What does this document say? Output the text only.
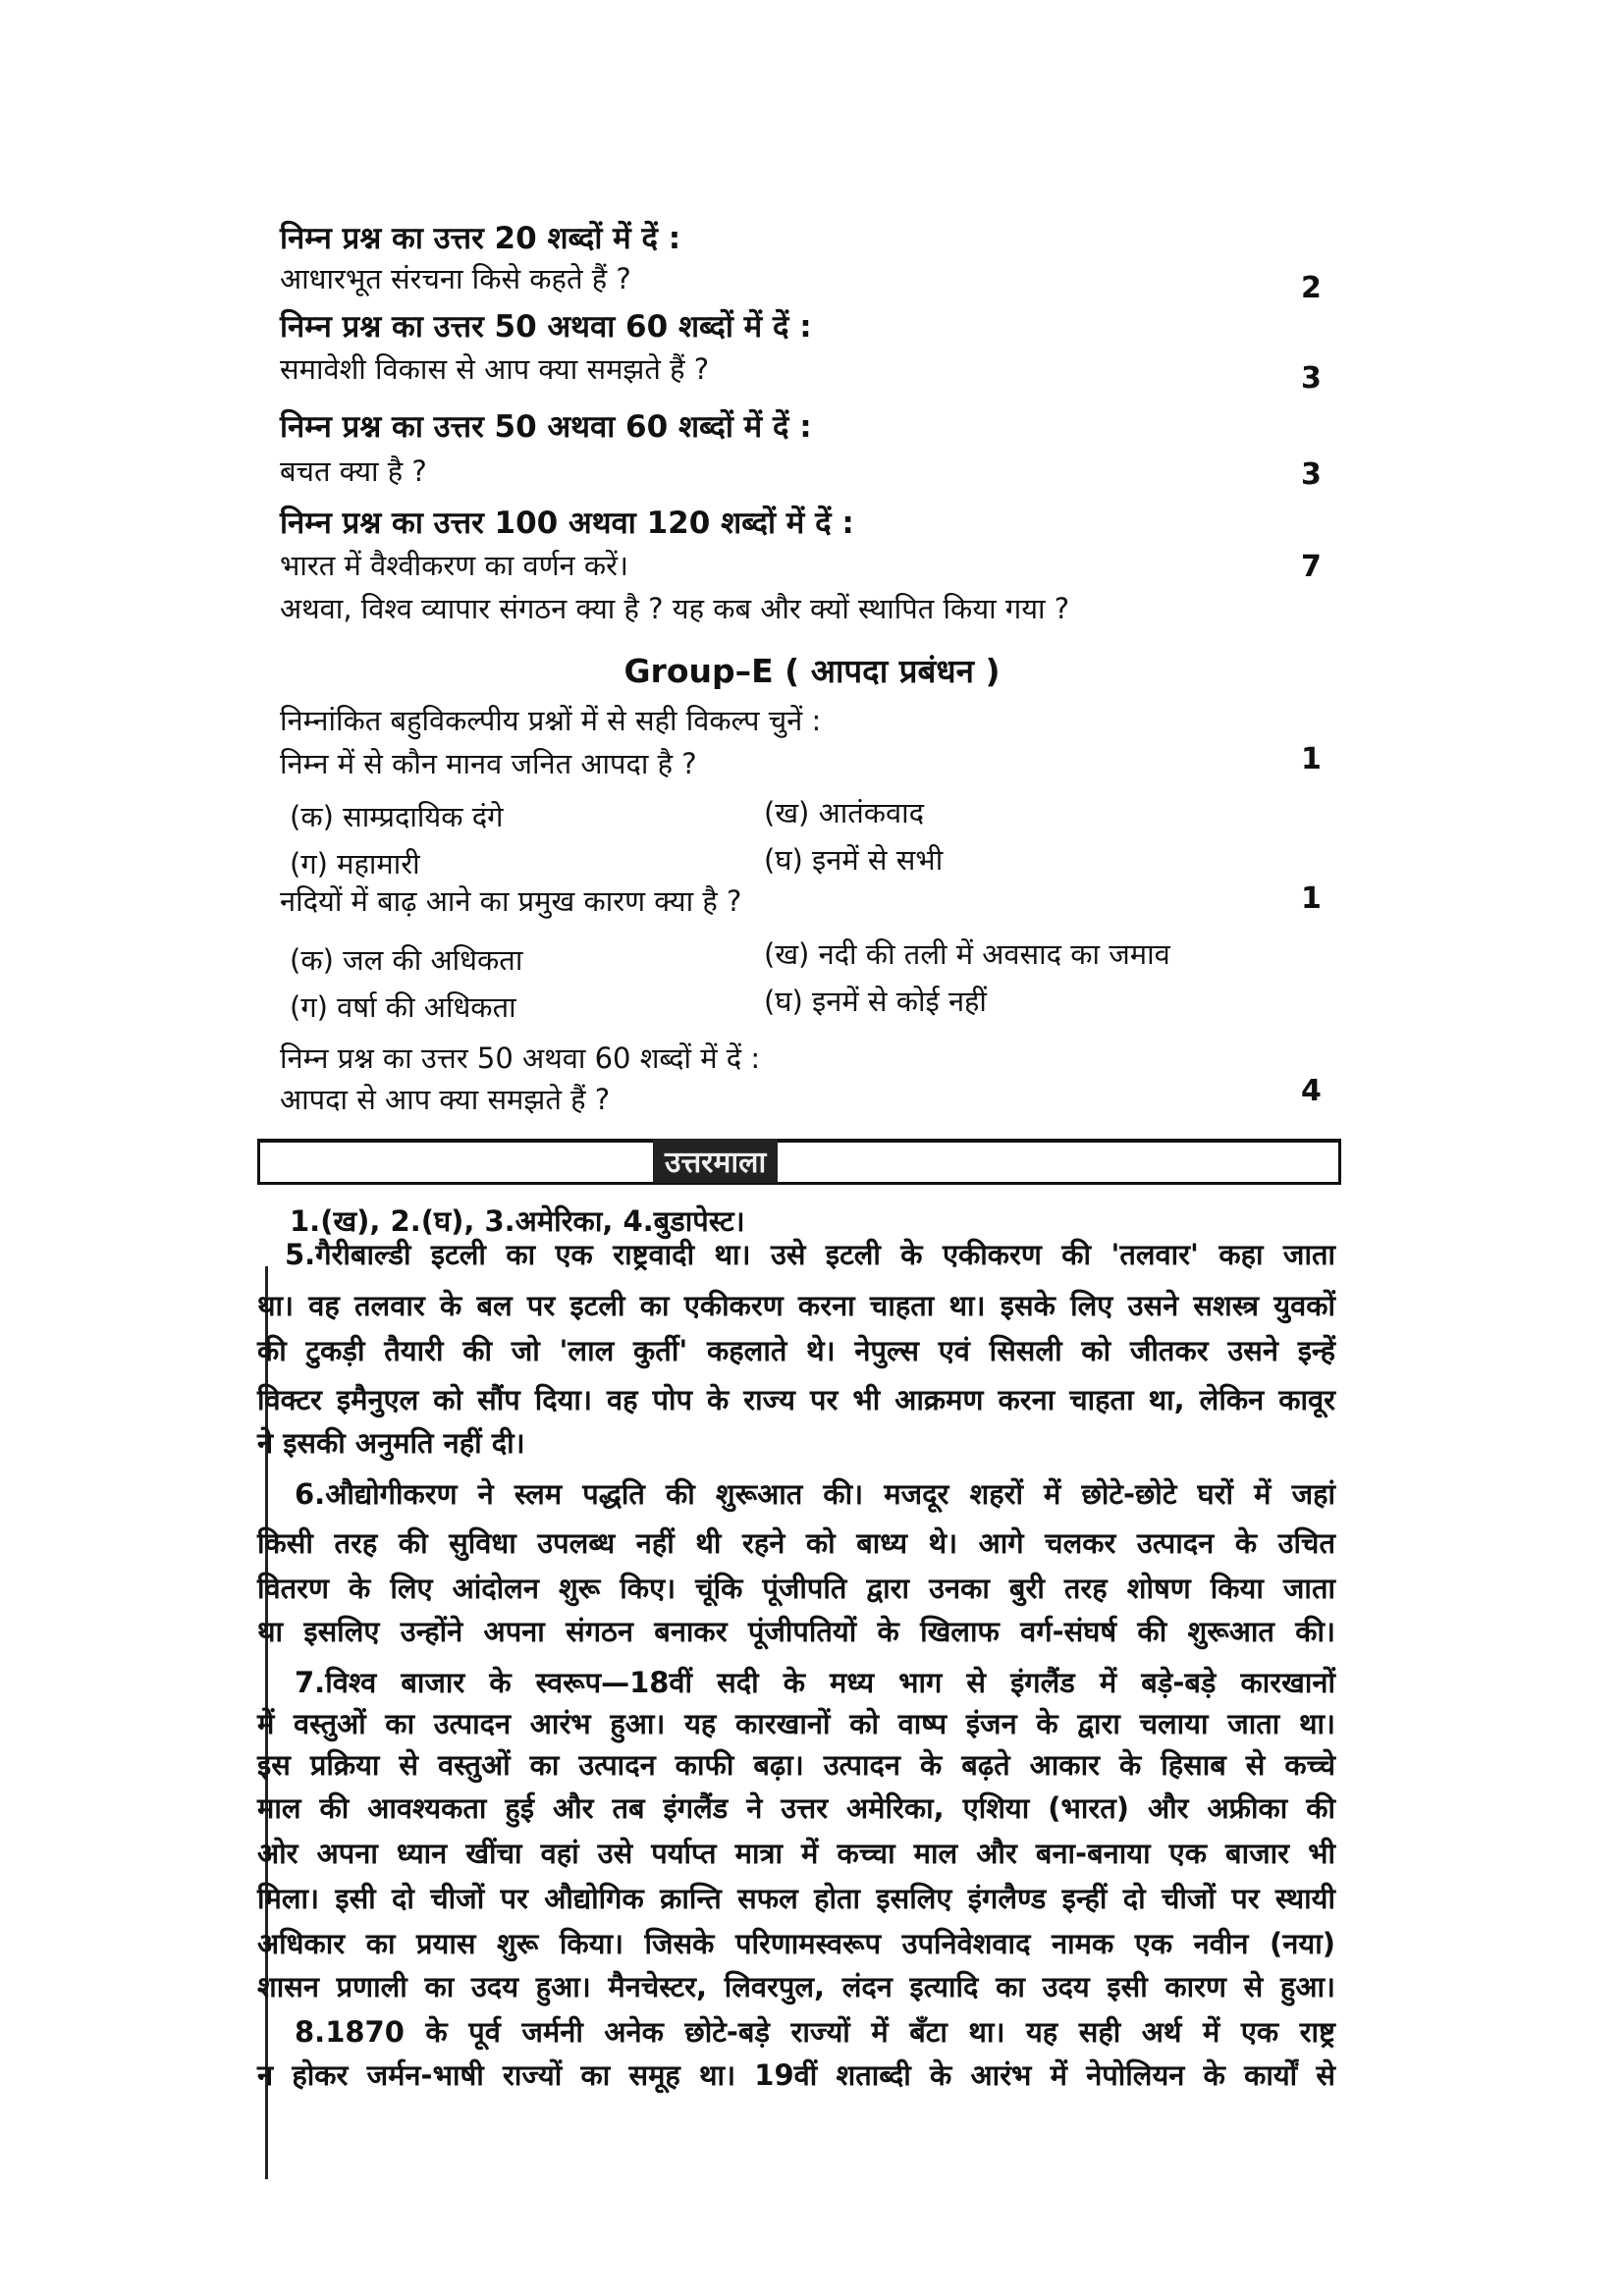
निम्न प्रश्न का उत्तर 20 शब्दों में दें :
आधारभूत संरचना किसे कहते हैं ?	2
निम्न प्रश्न का उत्तर 50 अथवा 60 शब्दों में दें :
समावेशी विकास से आप क्या समझते हैं ?	3
निम्न प्रश्न का उत्तर 50 अथवा 60 शब्दों में दें :
बचत क्या है ?	3
निम्न प्रश्न का उत्तर 100 अथवा 120 शब्दों में दें :
भारत में वैश्वीकरण का वर्णन करें।	7
अथवा, विश्व व्यापार संगठन क्या है ? यह कब और क्यों स्थापित किया गया ?
Group–E ( आपदा प्रबंधन )
निम्नांकित बहुविकल्पीय प्रश्नों में से सही विकल्प चुनें :
निम्न में से कौन मानव जनित आपदा है ?	1
(क) साम्प्रदायिक दंगे	(ख) आतंकवाद
(ग) महामारी	(घ) इनमें से सभी
नदियों में बाढ़ आने का प्रमुख कारण क्या है ?	1
(क) जल की अधिकता	(ख) नदी की तली में अवसाद का जमाव
(ग) वर्षा की अधिकता	(घ) इनमें से कोई नहीं
निम्न प्रश्न का उत्तर 50 अथवा 60 शब्दों में दें :
आपदा से आप क्या समझते हैं ?	4
उत्तरमाला
1.(ख), 2.(घ), 3.अमेरिका, 4.बुडापेस्ट।
5.गैरीबाल्डी इटली का एक राष्ट्रवादी था। उसे इटली के एकीकरण की 'तलवार' कहा जाता
था। वह तलवार के बल पर इटली का एकीकरण करना चाहता था। इसके लिए उसने सशस्त्र युवकों
की टुकड़ी तैयारी की जो 'लाल कुर्ती' कहलाते थे। नेपुल्स एवं सिसली को जीतकर उसने इन्हें
विक्टर इमैनुएल को सौंप दिया। वह पोप के राज्य पर भी आक्रमण करना चाहता था, लेकिन कावूर
ने इसकी अनुमति नहीं दी।
6.औद्योगीकरण ने स्लम पद्धति की शुरूआत की। मजदूर शहरों में छोटे-छोटे घरों में जहां
किसी तरह की सुविधा उपलब्ध नहीं थी रहने को बाध्य थे। आगे चलकर उत्पादन के उचित
वितरण के लिए आंदोलन शुरू किए। चूंकि पूंजीपति द्वारा उनका बुरी तरह शोषण किया जाता
था इसलिए उन्होंने अपना संगठन बनाकर पूंजीपतियों के खिलाफ वर्ग-संघर्ष की शुरूआत की।
7.विश्व बाजार के स्वरूप—18वीं सदी के मध्य भाग से इंगलैंड में बड़े-बड़े कारखानों
में वस्तुओं का उत्पादन आरंभ हुआ। यह कारखानों को वाष्प इंजन के द्वारा चलाया जाता था।
इस प्रक्रिया से वस्तुओं का उत्पादन काफी बढ़ा। उत्पादन के बढ़ते आकार के हिसाब से कच्चे
माल की आवश्यकता हुई और तब इंगलैंड ने उत्तर अमेरिका, एशिया (भारत) और अफ्रीका की
ओर अपना ध्यान खींचा वहां उसे पर्याप्त मात्रा में कच्चा माल और बना-बनाया एक बाजार भी
मिला। इसी दो चीजों पर औद्योगिक क्रान्ति सफल होता इसलिए इंगलैण्ड इन्हीं दो चीजों पर स्थायी
अधिकार का प्रयास शुरू किया। जिसके परिणामस्वरूप उपनिवेशवाद नामक एक नवीन (नया)
शासन प्रणाली का उदय हुआ। मैनचेस्टर, लिवरपुल, लंदन इत्यादि का उदय इसी कारण से हुआ।
8.1870 के पूर्व जर्मनी अनेक छोटे-बड़े राज्यों में बँटा था। यह सही अर्थ में एक राष्ट्र
न होकर जर्मन-भाषी राज्यों का समूह था। 19वीं शताब्दी के आरंभ में नेपोलियन के कार्यों से
